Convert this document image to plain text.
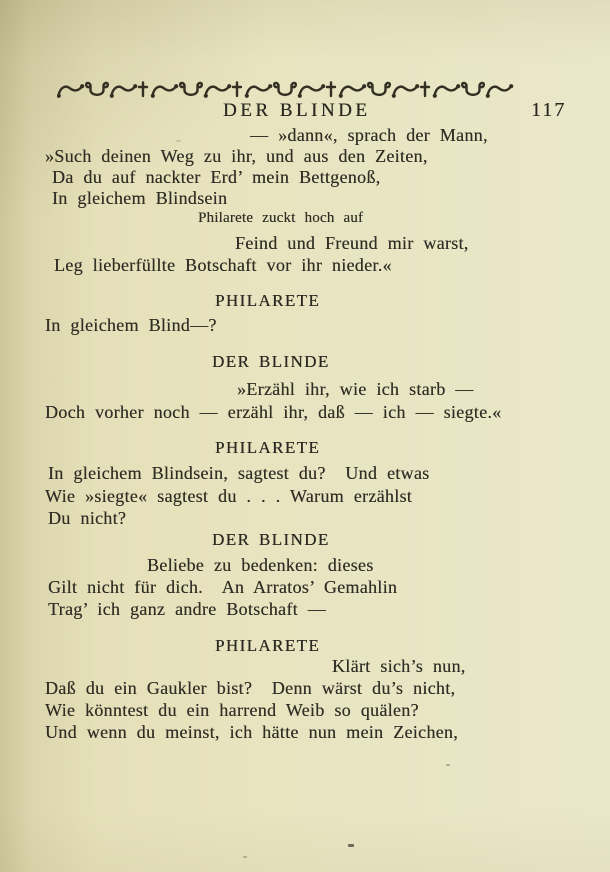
DER BLINDE	117
— »dann«, sprach der Mann,
»Such deinen Weg zu ihr, und aus den Zeiten,
Da du auf nackter Erd’ mein Bettgenoß,
In gleichem Blindsein
Philarete zuckt hoch auf
Feind und Freund mir warst,
Leg lieberfüllte Botschaft vor ihr nieder.«
PHILARETE
In gleichem Blind—?
DER BLINDE
»Erzähl ihr, wie ich starb —
Doch vorher noch — erzähl ihr, daß — ich — siegte.«
PHILARETE
In gleichem Blindsein, sagtest du?  Und etwas
Wie »siegte« sagtest du . . . Warum erzählst
Du nicht?
DER BLINDE
Beliebe zu bedenken: dieses
Gilt nicht für dich.  An Arratos’ Gemahlin
Trag’ ich ganz andre Botschaft —
PHILARETE
Klärt sich’s nun,
Daß du ein Gaukler bist?  Denn wärst du’s nicht,
Wie könntest du ein harrend Weib so quälen?
Und wenn du meinst, ich hätte nun mein Zeichen,
